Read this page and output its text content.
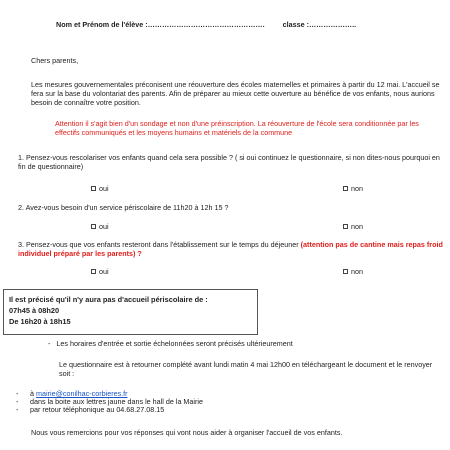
Nom et Prénom de l'élève :………………………………………….	classe :………………..
Chers parents,
Les mesures gouvernementales préconisent une réouverture des écoles maternelles et primaires à partir du 12 mai. L'accueil se fera sur la base du volontariat des parents. Afin de préparer au mieux cette ouverture au bénéfice de vos enfants, nous aurions besoin de connaître votre position.
Attention il s'agit bien d'un sondage et non d'une préinscription. La réouverture de l'école sera conditionnée par les effectifs communiqués et les moyens humains et matériels de la commune
1. Pensez-vous rescolariser vos enfants quand cela sera possible ? ( si oui continuez le questionnaire, si non dites-nous pourquoi en fin de questionnaire)
oui	non
2. Avez-vous besoin d'un service périscolaire de 11h20 à 12h 15 ?
oui	non
3. Pensez-vous que vos enfants resteront dans l'établissement sur le temps du déjeuner (attention pas de cantine mais repas froid individuel préparé par les parents) ?
oui	non
Il est précisé qu'il n'y aura pas d'accueil périscolaire de :
07h45 à 08h20
De 16h20 à 18h15
- Les horaires d'entrée et sortie échelonnées seront précisés ultérieurement
Le questionnaire est à retourner complété avant lundi matin 4 mai 12h00 en téléchargeant le document et le renvoyer soit :
- à mairie@conilhac-corbieres.fr
- dans la boite aux lettres jaune dans le hall de la Mairie
- par retour téléphonique au 04.68.27.08.15
Nous vous remercions pour vos réponses qui vont nous aider à organiser l'accueil de vos enfants.
